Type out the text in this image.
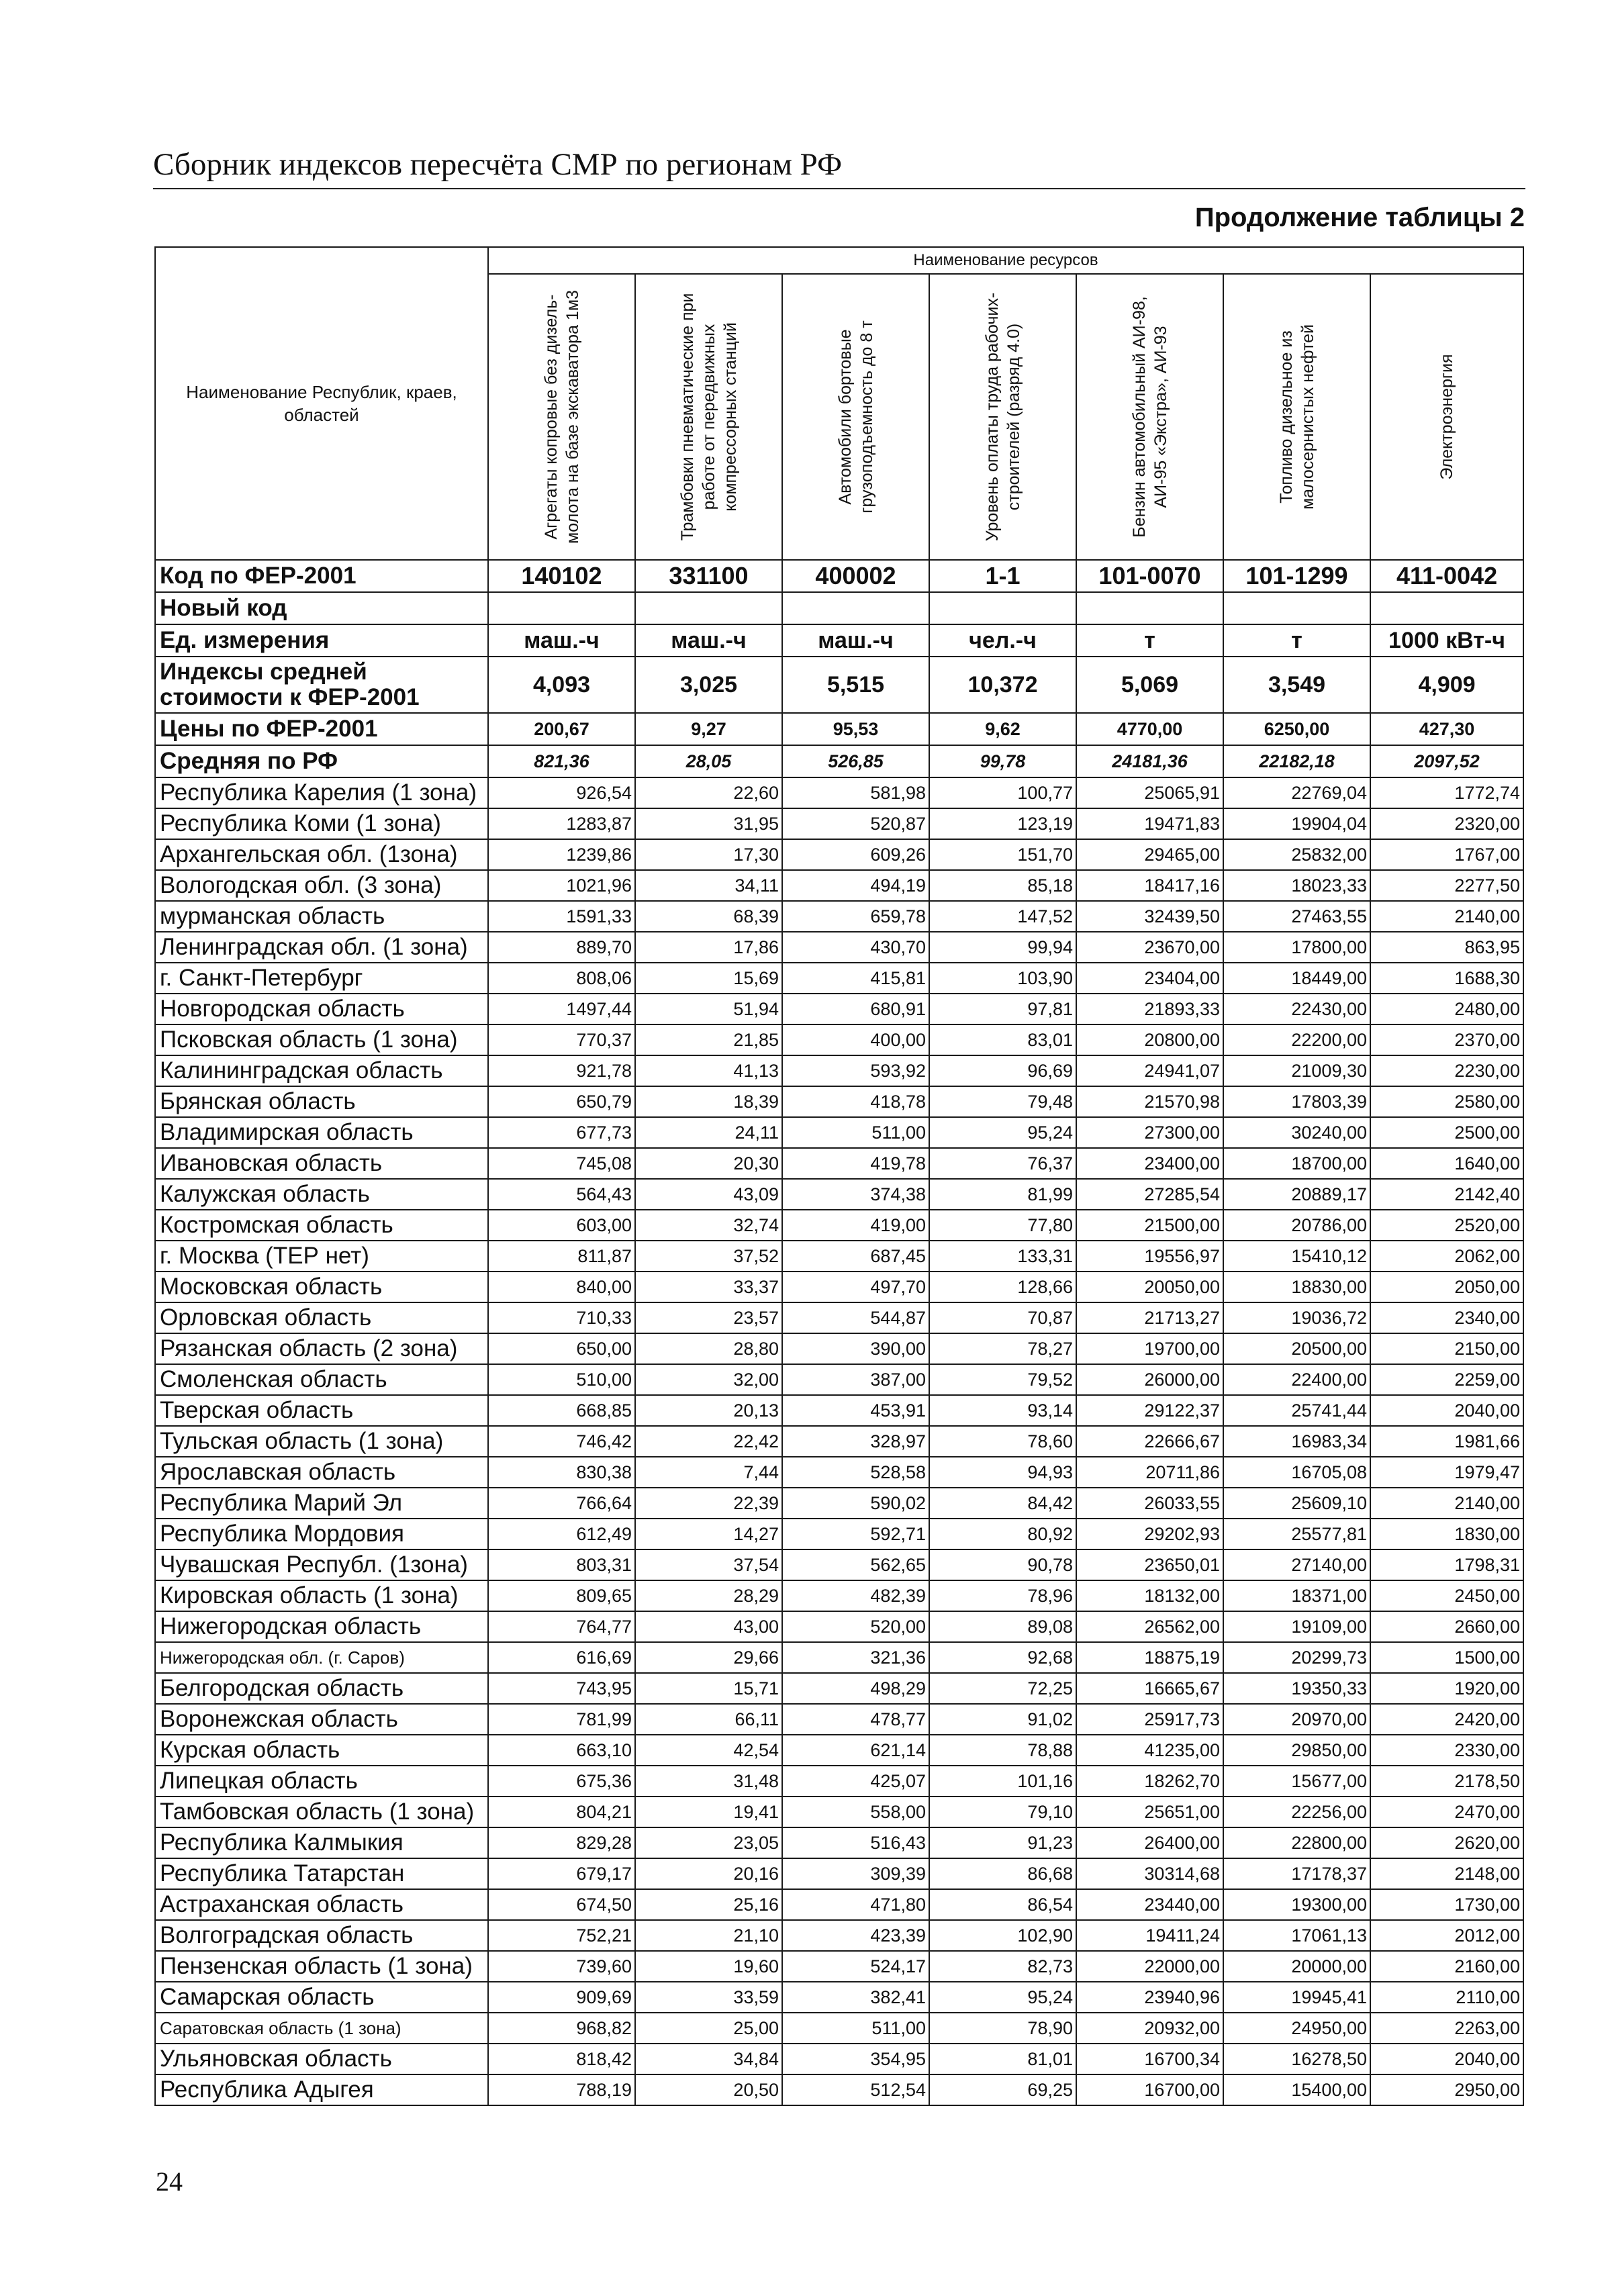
Сборник индексов пересчёта СМР по регионам РФ
Продолжение таблицы 2
Наименование Республик, краев, областей	Наименование ресурсов						

	Агрегаты копровые без дизель-молота на базе экскаватора 1м3	Трамбовки пневматические при работе от передвижных компрессорных станций	Автомобили бортовые грузоподъемность до 8 т	Уровень оплаты труда рабочих-строителей (разряд 4.0)	Бензин автомобильный АИ-98, АИ-95 «Экстра», АИ-93	Топливо дизельное из малосернистых нефтей	Электроэнергия

Код по ФЕР-2001	140102	331100	400002	1-1	101-0070	101-1299	411-0042
Новый код							
Ед. измерения	маш.-ч	маш.-ч	маш.-ч	чел.-ч	т	т	1000 кВт-ч
Индексы средней стоимости к ФЕР-2001	4,093	3,025	5,515	10,372	5,069	3,549	4,909
Цены по ФЕР-2001	200,67	9,27	95,53	9,62	4770,00	6250,00	427,30
Средняя по РФ	821,36	28,05	526,85	99,78	24181,36	22182,18	2097,52
Республика Карелия (1 зона)	926,54	22,60	581,98	100,77	25065,91	22769,04	1772,74
Республика Коми (1 зона)	1283,87	31,95	520,87	123,19	19471,83	19904,04	2320,00
Архангельская обл. (1зона)	1239,86	17,30	609,26	151,70	29465,00	25832,00	1767,00
Вологодская обл. (3 зона)	1021,96	34,11	494,19	85,18	18417,16	18023,33	2277,50
мурманская область	1591,33	68,39	659,78	147,52	32439,50	27463,55	2140,00
Ленинградская обл. (1 зона)	889,70	17,86	430,70	99,94	23670,00	17800,00	863,95
г. Санкт-Петербург	808,06	15,69	415,81	103,90	23404,00	18449,00	1688,30
Новгородская область	1497,44	51,94	680,91	97,81	21893,33	22430,00	2480,00
Псковская область (1 зона)	770,37	21,85	400,00	83,01	20800,00	22200,00	2370,00
Калининградская область	921,78	41,13	593,92	96,69	24941,07	21009,30	2230,00
Брянская область	650,79	18,39	418,78	79,48	21570,98	17803,39	2580,00
Владимирская область	677,73	24,11	511,00	95,24	27300,00	30240,00	2500,00
Ивановская область	745,08	20,30	419,78	76,37	23400,00	18700,00	1640,00
Калужская область	564,43	43,09	374,38	81,99	27285,54	20889,17	2142,40
Костромская область	603,00	32,74	419,00	77,80	21500,00	20786,00	2520,00
г. Москва (ТЕР нет)	811,87	37,52	687,45	133,31	19556,97	15410,12	2062,00
Московская область	840,00	33,37	497,70	128,66	20050,00	18830,00	2050,00
Орловская область	710,33	23,57	544,87	70,87	21713,27	19036,72	2340,00
Рязанская область (2 зона)	650,00	28,80	390,00	78,27	19700,00	20500,00	2150,00
Смоленская область	510,00	32,00	387,00	79,52	26000,00	22400,00	2259,00
Тверская область	668,85	20,13	453,91	93,14	29122,37	25741,44	2040,00
Тульская область (1 зона)	746,42	22,42	328,97	78,60	22666,67	16983,34	1981,66
Ярославская область	830,38	7,44	528,58	94,93	20711,86	16705,08	1979,47
Республика Марий Эл	766,64	22,39	590,02	84,42	26033,55	25609,10	2140,00
Республика Мордовия	612,49	14,27	592,71	80,92	29202,93	25577,81	1830,00
Чувашская Республ. (1зона)	803,31	37,54	562,65	90,78	23650,01	27140,00	1798,31
Кировская область (1 зона)	809,65	28,29	482,39	78,96	18132,00	18371,00	2450,00
Нижегородская область	764,77	43,00	520,00	89,08	26562,00	19109,00	2660,00
Нижегородская обл. (г. Саров)	616,69	29,66	321,36	92,68	18875,19	20299,73	1500,00
Белгородская область	743,95	15,71	498,29	72,25	16665,67	19350,33	1920,00
Воронежская область	781,99	66,11	478,77	91,02	25917,73	20970,00	2420,00
Курская область	663,10	42,54	621,14	78,88	41235,00	29850,00	2330,00
Липецкая область	675,36	31,48	425,07	101,16	18262,70	15677,00	2178,50
Тамбовская область (1 зона)	804,21	19,41	558,00	79,10	25651,00	22256,00	2470,00
Республика Калмыкия	829,28	23,05	516,43	91,23	26400,00	22800,00	2620,00
Республика Татарстан	679,17	20,16	309,39	86,68	30314,68	17178,37	2148,00
Астраханская область	674,50	25,16	471,80	86,54	23440,00	19300,00	1730,00
Волгоградская область	752,21	21,10	423,39	102,90	19411,24	17061,13	2012,00
Пензенская область (1 зона)	739,60	19,60	524,17	82,73	22000,00	20000,00	2160,00
Самарская область	909,69	33,59	382,41	95,24	23940,96	19945,41	2110,00
Саратовская область (1 зона)	968,82	25,00	511,00	78,90	20932,00	24950,00	2263,00
Ульяновская область	818,42	34,84	354,95	81,01	16700,34	16278,50	2040,00
Республика Адыгея	788,19	20,50	512,54	69,25	16700,00	15400,00	2950,00
24
